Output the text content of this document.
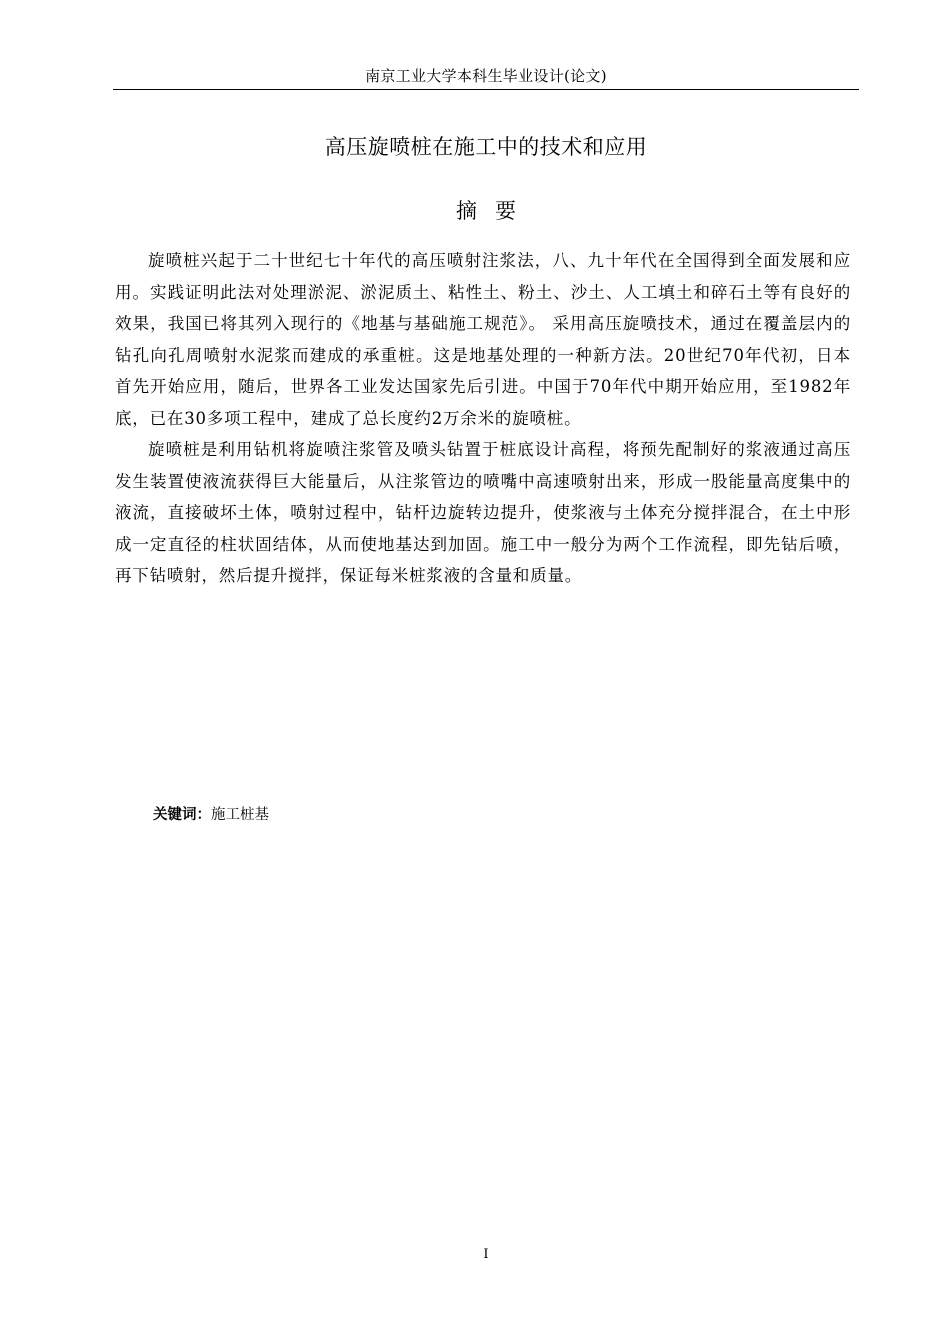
南京工业大学本科生毕业设计(论文)
高压旋喷桩在施工中的技术和应用
摘要

旋喷桩兴起于二十世纪七十年代的高压喷射注浆法，八、九十年代在全国得到全面发展和应用。实践证明此法对处理淤泥、淤泥质土、粘性土、粉土、沙土、人工填土和碎石土等有良好的效果，我国已将其列入现行的《地基与基础施工规范》。 采用高压旋喷技术，通过在覆盖层内的钻孔向孔周喷射水泥浆而建成的承重桩。这是地基处理的一种新方法。20世纪70年代初，日本首先开始应用，随后，世界各工业发达国家先后引进。中国于70年代中期开始应用，至1982年底，已在30多项工程中，建成了总长度约2万余米的旋喷桩。

旋喷桩是利用钻机将旋喷注浆管及喷头钻置于桩底设计高程，将预先配制好的浆液通过高压发生装置使液流获得巨大能量后，从注浆管边的喷嘴中高速喷射出来，形成一股能量高度集中的液流，直接破坏土体，喷射过程中，钻杆边旋转边提升，使浆液与土体充分搅拌混合，在土中形成一定直径的柱状固结体，从而使地基达到加固。施工中一般分为两个工作流程，即先钻后喷，再下钻喷射，然后提升搅拌，保证每米桩浆液的含量和质量。

关键词：施工桩基
I
